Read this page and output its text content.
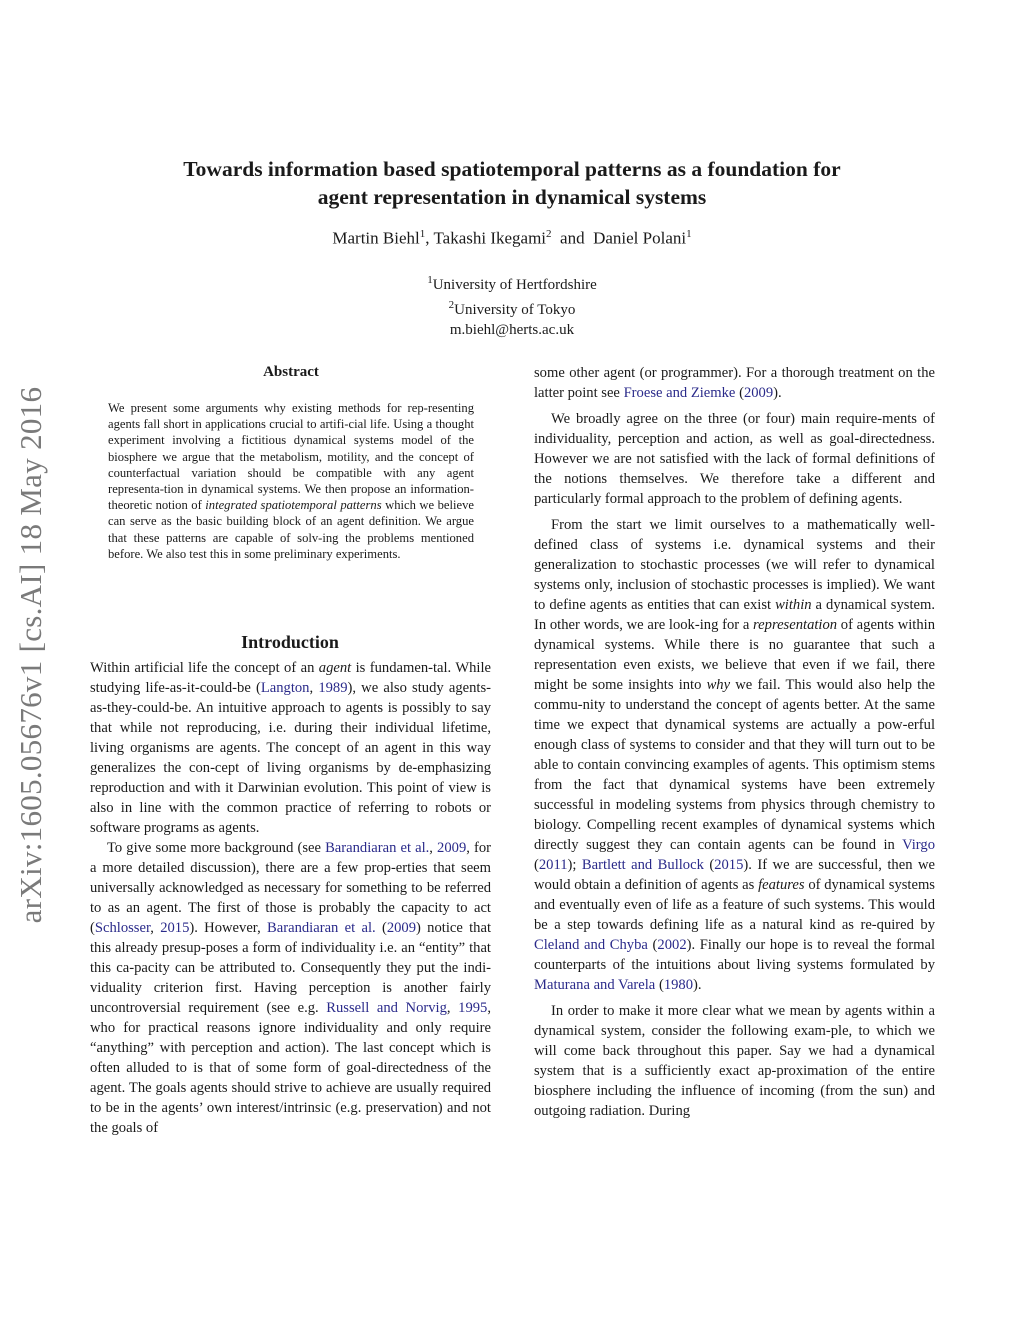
arXiv:1605.05676v1 [cs.AI] 18 May 2016
Towards information based spatiotemporal patterns as a foundation for
agent representation in dynamical systems
Martin Biehl$^1$, Takashi Ikegami$^2$ and Daniel Polani$^1$
$^1$University of Hertfordshire
$^2$University of Tokyo
m.biehl@herts.ac.uk
Abstract

We present some arguments why existing methods for rep-resenting agents fall short in applications crucial to artifi-cial life. Using a thought experiment involving a fictitious dynamical systems model of the biosphere we argue that the metabolism, motility, and the concept of counterfactual variation should be compatible with any agent representa-tion in dynamical systems. We then propose an information-theoretic notion of integrated spatiotemporal patterns which we believe can serve as the basic building block of an agent definition. We argue that these patterns are capable of solv-ing the problems mentioned before. We also test this in some preliminary experiments.

Introduction

Within artificial life the concept of an agent is fundamen-tal. While studying life-as-it-could-be (Langton, 1989), we also study agents-as-they-could-be. An intuitive approach to agents is possibly to say that while not reproducing, i.e. during their individual lifetime, living organisms are agents. The concept of an agent in this way generalizes the con-cept of living organisms by de-emphasizing reproduction and with it Darwinian evolution. This point of view is also in line with the common practice of referring to robots or software programs as agents.

To give some more background (see Barandiaran et al., 2009, for a more detailed discussion), there are a few prop-erties that seem universally acknowledged as necessary for something to be referred to as an agent. The first of those is probably the capacity to act (Schlosser, 2015). However, Barandiaran et al. (2009) notice that this already presup-poses a form of individuality i.e. an “entity” that this ca-pacity can be attributed to. Consequently they put the indi-viduality criterion first. Having perception is another fairly uncontroversial requirement (see e.g. Russell and Norvig, 1995, who for practical reasons ignore individuality and only require “anything” with perception and action). The last concept which is often alluded to is that of some form of goal-directedness of the agent. The goals agents should strive to achieve are usually required to be in the agents’ own interest/intrinsic (e.g. preservation) and not the goals of

some other agent (or programmer). For a thorough treatment on the latter point see Froese and Ziemke (2009).

We broadly agree on the three (or four) main require-ments of individuality, perception and action, as well as goal-directedness. However we are not satisfied with the lack of formal definitions of the notions themselves. We therefore take a different and particularly formal approach to the problem of defining agents.

From the start we limit ourselves to a mathematically well-defined class of systems i.e. dynamical systems and their generalization to stochastic processes (we will refer to dynamical systems only, inclusion of stochastic processes is implied). We want to define agents as entities that can exist within a dynamical system. In other words, we are look-ing for a representation of agents within dynamical systems. While there is no guarantee that such a representation even exists, we believe that even if we fail, there might be some insights into why we fail. This would also help the commu-nity to understand the concept of agents better. At the same time we expect that dynamical systems are actually a pow-erful enough class of systems to consider and that they will turn out to be able to contain convincing examples of agents. This optimism stems from the fact that dynamical systems have been extremely successful in modeling systems from physics through chemistry to biology. Compelling recent examples of dynamical systems which directly suggest they can contain agents can be found in Virgo (2011); Bartlett and Bullock (2015). If we are successful, then we would obtain a definition of agents as features of dynamical systems and eventually even of life as a feature of such systems. This would be a step towards defining life as a natural kind as re-quired by Cleland and Chyba (2002). Finally our hope is to reveal the formal counterparts of the intuitions about living systems formulated by Maturana and Varela (1980).

In order to make it more clear what we mean by agents within a dynamical system, consider the following exam-ple, to which we will come back throughout this paper. Say we had a dynamical system that is a sufficiently exact ap-proximation of the entire biosphere including the influence of incoming (from the sun) and outgoing radiation. During
